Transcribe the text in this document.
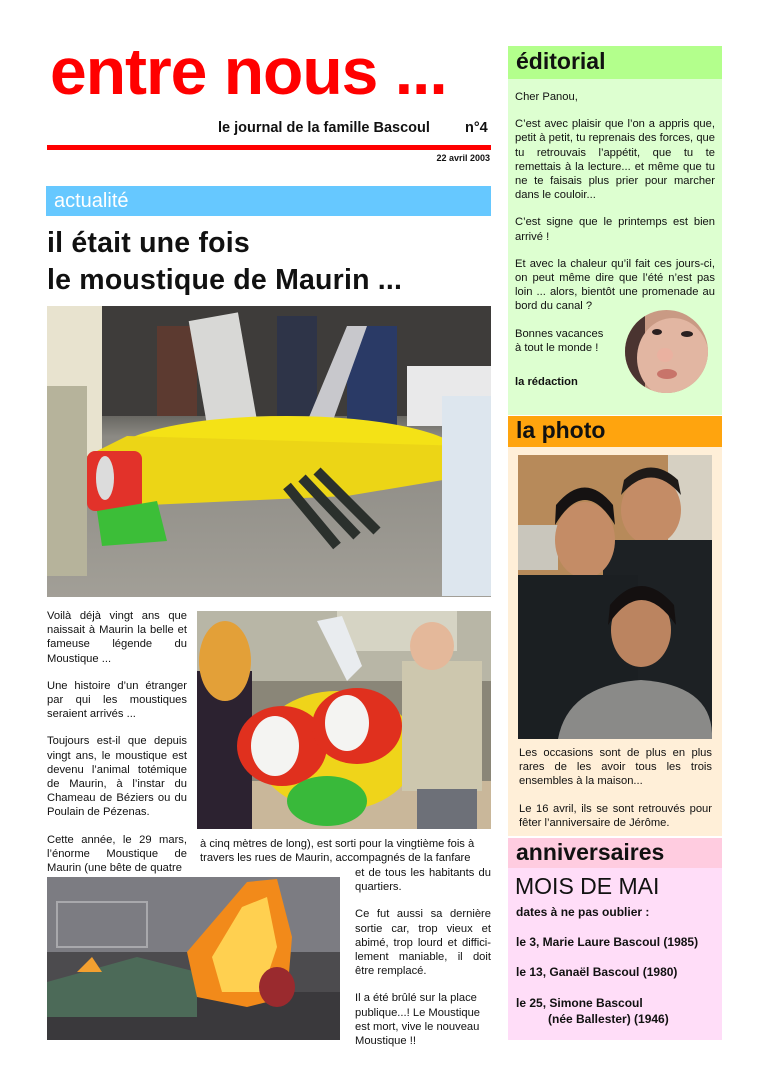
entre nous ...
le journal de la famille Bascoul n°4
22 avril 2003
actualité
il était une fois
le moustique de Maurin ...

Voilà déjà vingt ans que naissait à Maurin la belle et fameuse légende du Moustique ...

Une histoire d’un étranger par qui les moustiques seraient arrivés ...

Toujours est-il que depuis vingt ans, le moustique est devenu l’animal totémique de Maurin, à l’instar du Chameau de Béziers ou du Poulain de Pézenas.

Cette année, le 29 mars, l’énorme Moustique de Maurin (une bête de quatre

à cinq mètres de long), est sorti pour la vingtième fois à
travers les rues de Maurin, accompagnés de la fanfare

et de tous les habitants du quartiers.

Ce fut aussi sa dernière sortie car, trop vieux et abimé, trop lourd et diffici-lement maniable, il doit être remplacé.

Il a été brûlé sur la place publique...! Le Moustique est mort, vive le nouveau Moustique !!

éditorial

Cher Panou,

C’est avec plaisir que l’on a appris que, petit à petit, tu reprenais des forces, que tu retrouvais l’appétit, que tu te remettais à la lecture... et même que tu ne te faisais plus prier pour marcher dans le couloir...

C’est signe que le printemps est bien arrivé !

Et avec la chaleur qu’il fait ces jours-ci, on peut même dire que l’été n’est pas loin ... alors, bientôt une promenade au bord du canal ?

Bonnes vacances
à tout le monde !
la rédaction
la photo

Les occasions sont de plus en plus rares de les avoir tous les trois ensembles à la maison...

Le 16 avril, ils se sont retrouvés pour fêter l’anniversaire de Jérôme.

anniversaires
MOIS DE MAI
dates à ne pas oublier :
le 3, Marie Laure Bascoul (1985)
le 13, Ganaël Bascoul (1980)
le 25, Simone Bascoul
(née Ballester) (1946)
